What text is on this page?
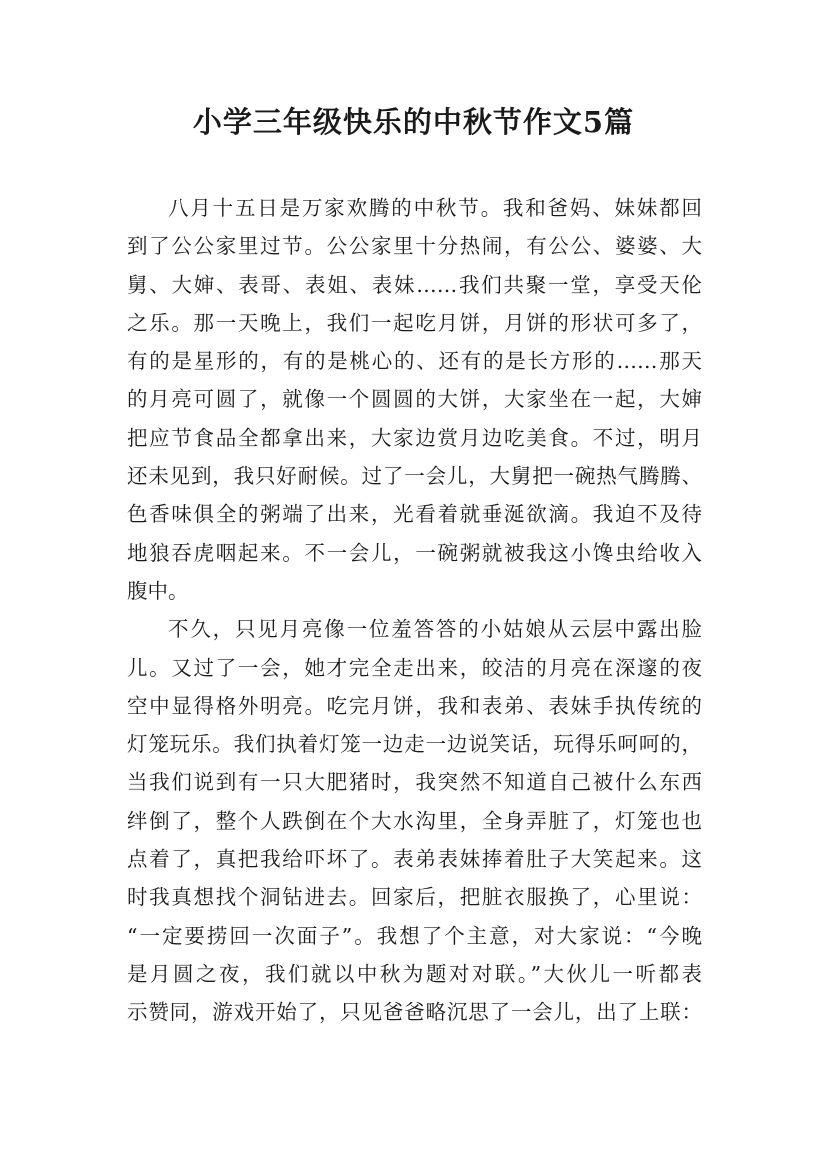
小学三年级快乐的中秋节作文5篇
八月十五日是万家欢腾的中秋节。我和爸妈、妹妹都回
到了公公家里过节。公公家里十分热闹，有公公、婆婆、大
舅、大婶、表哥、表姐、表妹……我们共聚一堂，享受天伦
之乐。那一天晚上，我们一起吃月饼，月饼的形状可多了，
有的是星形的，有的是桃心的、还有的是长方形的……那天
的月亮可圆了，就像一个圆圆的大饼，大家坐在一起，大婶
把应节食品全都拿出来，大家边赏月边吃美食。不过，明月
还未见到，我只好耐候。过了一会儿，大舅把一碗热气腾腾、
色香味俱全的粥端了出来，光看着就垂涎欲滴。我迫不及待
地狼吞虎咽起来。不一会儿，一碗粥就被我这小馋虫给收入
腹中。
不久，只见月亮像一位羞答答的小姑娘从云层中露出脸
儿。又过了一会，她才完全走出来，皎洁的月亮在深邃的夜
空中显得格外明亮。吃完月饼，我和表弟、表妹手执传统的
灯笼玩乐。我们执着灯笼一边走一边说笑话，玩得乐呵呵的，
当我们说到有一只大肥猪时，我突然不知道自己被什么东西
绊倒了，整个人跌倒在个大水沟里，全身弄脏了，灯笼也也
点着了，真把我给吓坏了。表弟表妹捧着肚子大笑起来。这
时我真想找个洞钻进去。回家后，把脏衣服换了，心里说：
“一定要捞回一次面子”。我想了个主意，对大家说：“今晚
是月圆之夜，我们就以中秋为题对对联。”大伙儿一听都表
示赞同，游戏开始了，只见爸爸略沉思了一会儿，出了上联：
